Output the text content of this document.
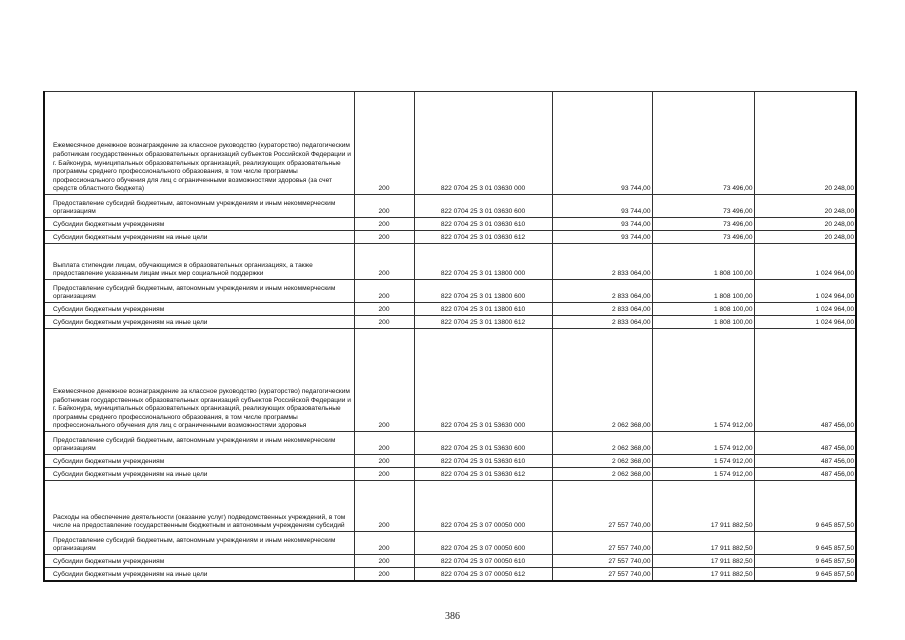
Ежемесячное денежное вознаграждение за классное руководство (кураторство) педагогическим работникам государственных образовательных организаций субъектов Российской Федерации и г. Байконура, муниципальных образовательных организаций, реализующих образовательные программы среднего профессионального образования, в том числе программы профессионального обучения для лиц с ограниченными возможностями здоровья (за счет средств областного бюджета)	200	822 0704 25 3 01 03630 000	93 744,00	73 496,00	20 248,00
Предоставление субсидий бюджетным, автономным учреждениям и иным некоммерческим организациям	200	822 0704 25 3 01 03630 600	93 744,00	73 496,00	20 248,00
Субсидии бюджетным учреждениям	200	822 0704 25 3 01 03630 610	93 744,00	73 496,00	20 248,00
Субсидии бюджетным учреждениям на иные цели	200	822 0704 25 3 01 03630 612	93 744,00	73 496,00	20 248,00
Выплата стипендии лицам, обучающимся в образовательных организациях, а также предоставление указанным лицам иных мер социальной поддержки	200	822 0704 25 3 01 13800 000	2 833 064,00	1 808 100,00	1 024 964,00
Предоставление субсидий бюджетным, автономным учреждениям и иным некоммерческим организациям	200	822 0704 25 3 01 13800 600	2 833 064,00	1 808 100,00	1 024 964,00
Субсидии бюджетным учреждениям	200	822 0704 25 3 01 13800 610	2 833 064,00	1 808 100,00	1 024 964,00
Субсидии бюджетным учреждениям на иные цели	200	822 0704 25 3 01 13800 612	2 833 064,00	1 808 100,00	1 024 964,00
Ежемесячное денежное вознаграждение за классное руководство (кураторство) педагогическим работникам государственных образовательных организаций субъектов Российской Федерации и г. Байконура, муниципальных образовательных организаций, реализующих образовательные программы среднего профессионального образования, в том числе программы профессионального обучения для лиц с ограниченными возможностями здоровья	200	822 0704 25 3 01 53630 000	2 062 368,00	1 574 912,00	487 456,00
Предоставление субсидий бюджетным, автономным учреждениям и иным некоммерческим организациям	200	822 0704 25 3 01 53630 600	2 062 368,00	1 574 912,00	487 456,00
Субсидии бюджетным учреждениям	200	822 0704 25 3 01 53630 610	2 062 368,00	1 574 912,00	487 456,00
Субсидии бюджетным учреждениям на иные цели	200	822 0704 25 3 01 53630 612	2 062 368,00	1 574 912,00	487 456,00
Расходы на обеспечение деятельности (оказание услуг) подведомственных учреждений, в том числе на предоставление государственным бюджетным и автономным учреждениям субсидий	200	822 0704 25 3 07 00050 000	27 557 740,00	17 911 882,50	9 645 857,50
Предоставление субсидий бюджетным, автономным учреждениям и иным некоммерческим организациям	200	822 0704 25 3 07 00050 600	27 557 740,00	17 911 882,50	9 645 857,50
Субсидии бюджетным учреждениям	200	822 0704 25 3 07 00050 610	27 557 740,00	17 911 882,50	9 645 857,50
Субсидии бюджетным учреждениям на иные цели	200	822 0704 25 3 07 00050 612	27 557 740,00	17 911 882,50	9 645 857,50
386
